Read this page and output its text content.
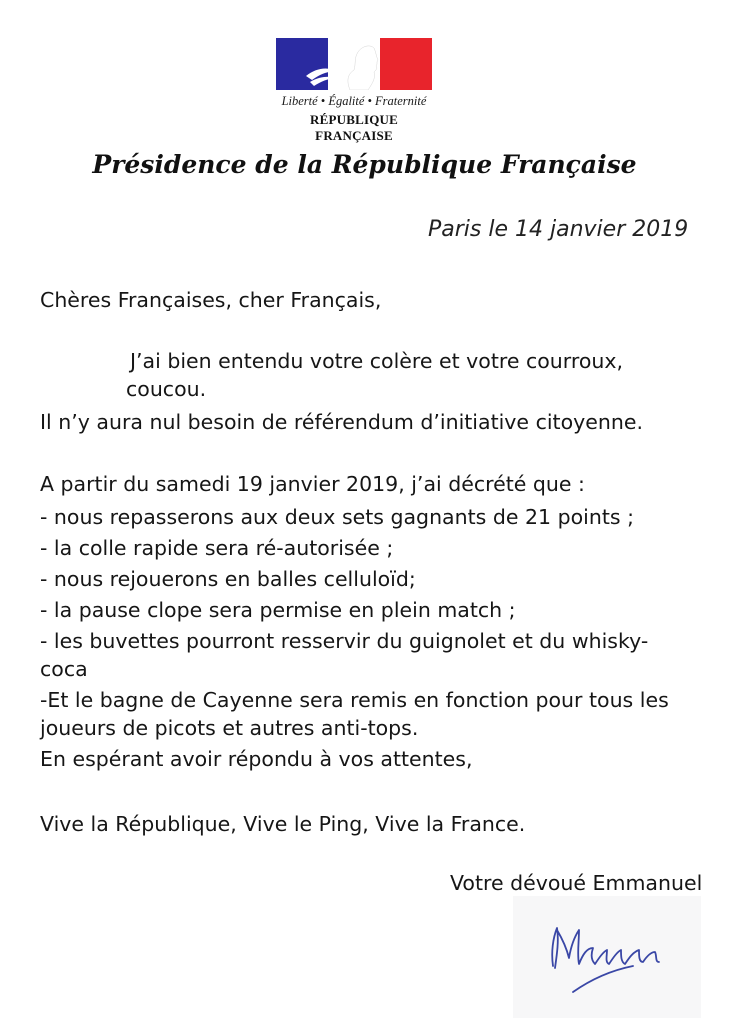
Liberté • Égalité • Fraternité
RÉPUBLIQUE FRANÇAISE
Présidence de la République Française
Paris le 14 janvier 2019
Chères Françaises, cher Français,
J’ai bien entendu votre colère et votre courroux,
coucou.
Il n’y aura nul besoin de référendum d’initiative citoyenne.
A partir du samedi 19 janvier 2019, j’ai décrété que :
- nous repasserons aux deux sets gagnants de 21 points ;
- la colle rapide sera ré-autorisée ;
- nous rejouerons en balles celluloïd;
- la pause clope sera permise en plein match ;
- les buvettes pourront resservir du guignolet et du whisky-
coca
-Et le bagne de Cayenne sera remis en fonction pour tous les
joueurs de picots et autres anti-tops.
En espérant avoir répondu à vos attentes,
Vive la République, Vive le Ping, Vive la France.
Votre dévoué Emmanuel
